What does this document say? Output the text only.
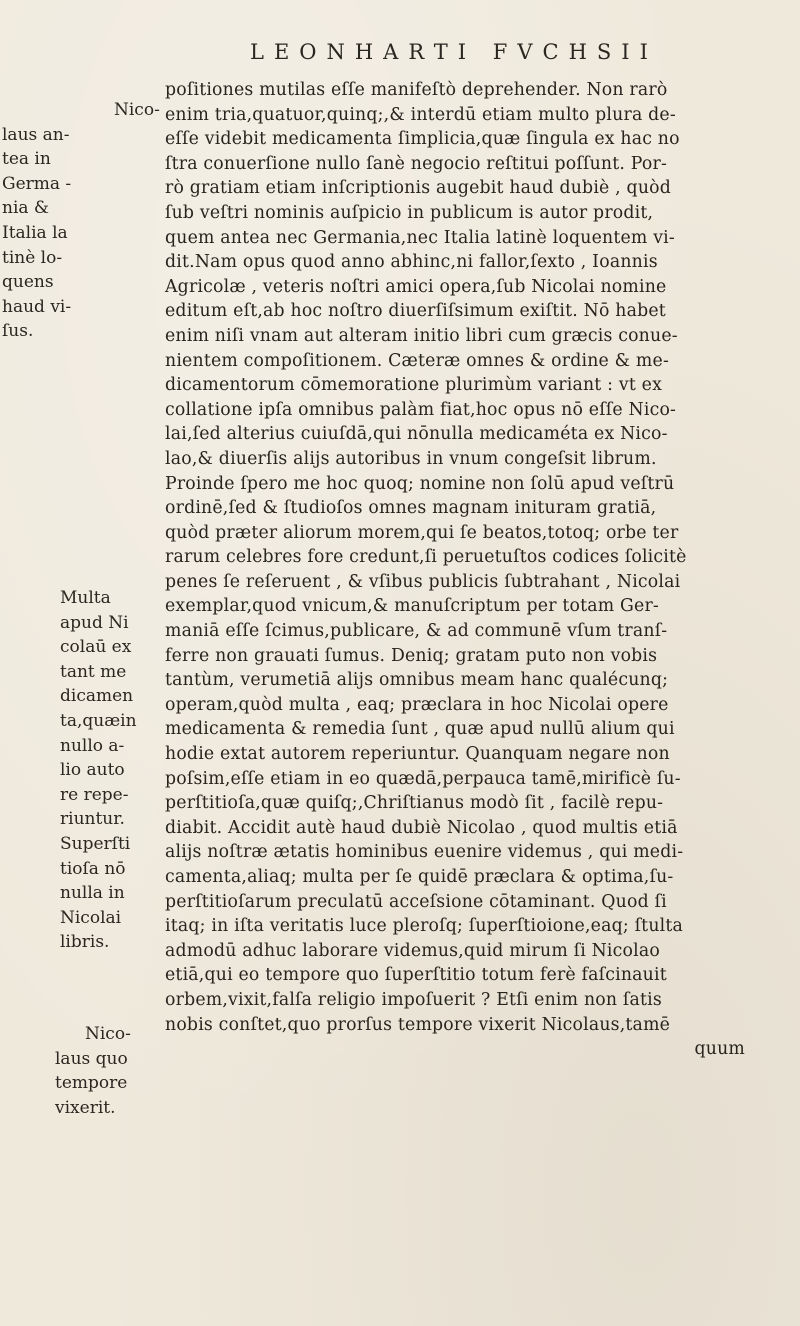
LEONHARTI FVCHSII
Nico-
laus an-
tea in
Germa -
nia &
Italia la
tinè lo-
quens
haud vi-
ſus.
Multa
apud Ni
colaū ex
tant me
dicamen
ta,quæin
nullo a-
lio auto
re repe-
riuntur.
Superſti
tioſa nō
nulla in
Nicolai
libris.
Nico-
laus quo
tempore
vixerit.
poſitiones mutilas eſſe manifeſtò deprehender. Non rarò
enim tria,quatuor,quinq;,& interdū etiam multo plura de-
eſſe videbit medicamenta ſimplicia,quæ ſingula ex hac no
ſtra conuerſione nullo ſanè negocio reſtitui poſſunt. Por-
rò gratiam etiam inſcriptionis augebit haud dubiè , quòd
ſub veſtri nominis auſpicio in publicum is autor prodit,
quem antea nec Germania,nec Italia latinè loquentem vi-
dit.Nam opus quod anno abhinc,ni fallor,ſexto , Ioannis
Agricolæ , veteris noſtri amici opera,ſub Nicolai nomine
editum eſt,ab hoc noſtro diuerſiſsimum exiſtit. Nō habet
enim niſi vnam aut alteram initio libri cum græcis conue-
nientem compoſitionem. Cæteræ omnes & ordine & me-
dicamentorum cōmemoratione plurimùm variant : vt ex
collatione ipſa omnibus palàm fiat,hoc opus nō eſſe Nico-
lai,ſed alterius cuiuſdā,qui nōnulla medicaméta ex Nico-
lao,& diuerſis alijs autoribus in vnum congeſsit librum.
Proinde ſpero me hoc quoq; nomine non ſolū apud veſtrū
ordinē,ſed & ſtudioſos omnes magnam inituram gratiā,
quòd præter aliorum morem,qui ſe beatos,totoq; orbe ter
rarum celebres fore credunt,ſi peruetuſtos codices ſolicitè
penes ſe reſeruent , & vſibus publicis ſubtrahant , Nicolai
exemplar,quod vnicum,& manuſcriptum per totam Ger-
maniā eſſe ſcimus,publicare, & ad communē vſum tranſ-
ferre non grauati ſumus. Deniq; gratam puto non vobis
tantùm, verumetiā alijs omnibus meam hanc qualécunq;
operam,quòd multa , eaq; præclara in hoc Nicolai opere
medicamenta & remedia ſunt , quæ apud nullū alium qui
hodie extat autorem reperiuntur. Quanquam negare non
poſsim,eſſe etiam in eo quædā,perpauca tamē,mirificè ſu-
perſtitioſa,quæ quiſq;,Chriſtianus modò ſit , facilè repu-
diabit. Accidit autè haud dubiè Nicolao , quod multis etiā
alijs noſtræ ætatis hominibus euenire videmus , qui medi-
camenta,aliaq; multa per ſe quidē præclara & optima,ſu-
perſtitioſarum preculatū acceſsione cōtaminant. Quod ſi
itaq; in iſta veritatis luce pleroſq; ſuperſtioione,eaq; ſtulta
admodū adhuc laborare videmus,quid mirum ſi Nicolao
etiā,qui eo tempore quo ſuperſtitio totum ferè faſcinauit
orbem,vixit,falſa religio impoſuerit ? Etſi enim non ſatis
nobis conſtet,quo prorſus tempore vixerit Nicolaus,tamē
quum
